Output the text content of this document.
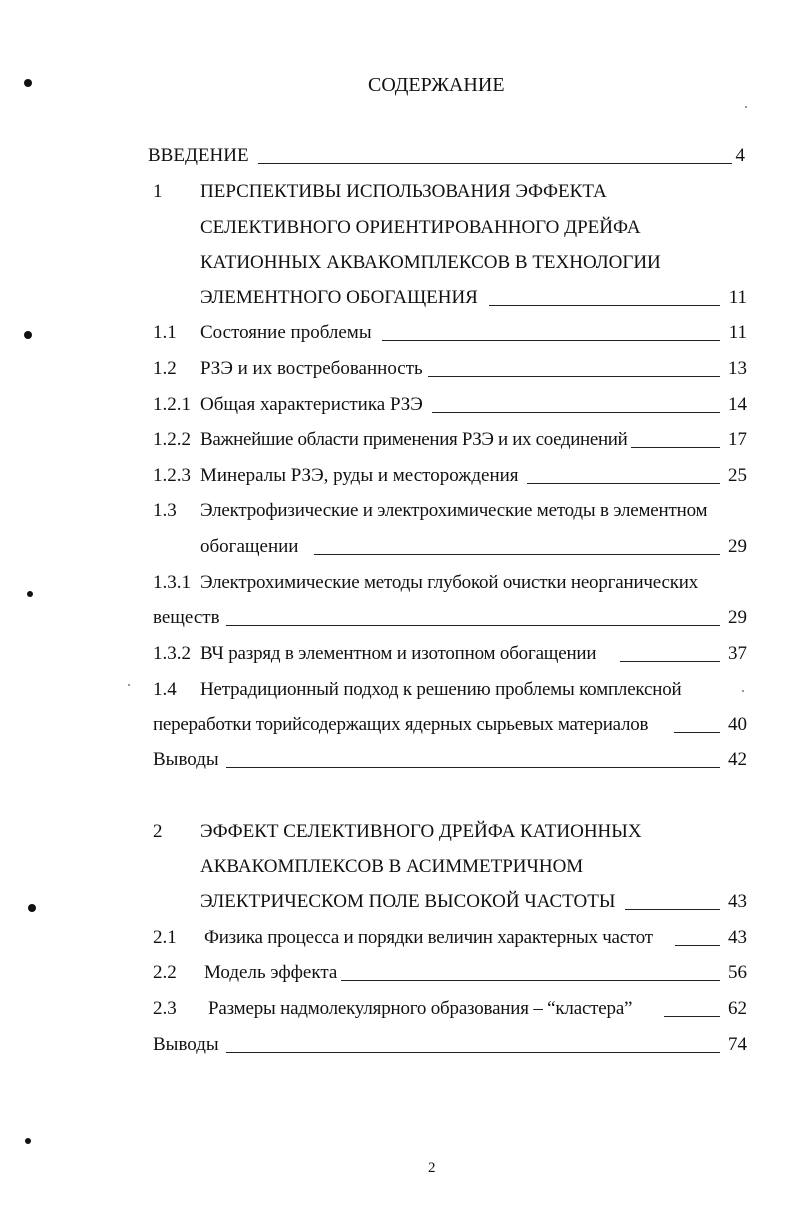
СОДЕРЖАНИЕ
ВВЕДЕНИЕ	4
1 ПЕРСПЕКТИВЫ ИСПОЛЬЗОВАНИЯ ЭФФЕКТА
СЕЛЕКТИВНОГО ОРИЕНТИРОВАННОГО ДРЕЙФА
КАТИОННЫХ АКВАКОМПЛЕКСОВ В ТЕХНОЛОГИИ
ЭЛЕМЕНТНОГО ОБОГАЩЕНИЯ	11
1.1 Состояние проблемы	11
1.2 РЗЭ и их востребованность	13
1.2.1 Общая характеристика РЗЭ	14
1.2.2 Важнейшие области применения РЗЭ и их соединений	17
1.2.3 Минералы РЗЭ, руды и месторождения	25
1.3 Электрофизические и электрохимические методы в элементном
обогащении	29
1.3.1 Электрохимические методы глубокой очистки неорганических
веществ	29
1.3.2 ВЧ разряд в элементном и изотопном обогащении	37
1.4 Нетрадиционный подход к решению проблемы комплексной
переработки торийсодержащих ядерных сырьевых материалов	40
Выводы	42
2 ЭФФЕКТ СЕЛЕКТИВНОГО ДРЕЙФА КАТИОННЫХ
АКВАКОМПЛЕКСОВ В АСИММЕТРИЧНОМ
ЭЛЕКТРИЧЕСКОМ ПОЛЕ ВЫСОКОЙ ЧАСТОТЫ	43
2.1 Физика процесса и порядки величин характерных частот	43
2.2 Модель эффекта	56
2.3 Размеры надмолекулярного образования – “кластера”	62
Выводы	74
2
